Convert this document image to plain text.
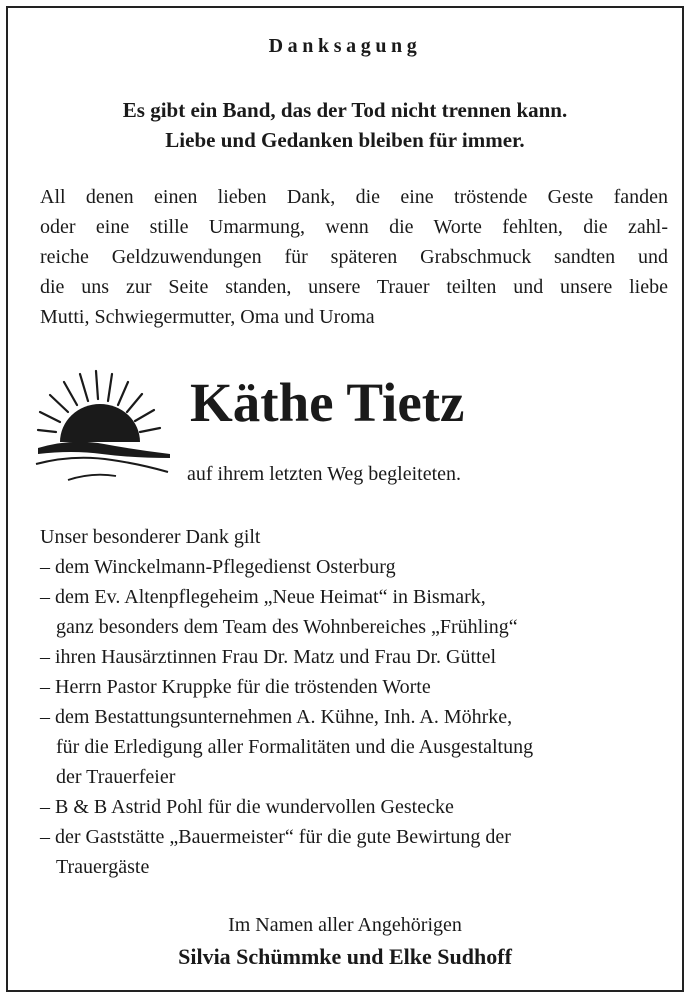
Danksagung
Es gibt ein Band, das der Tod nicht trennen kann.
Liebe und Gedanken bleiben für immer.
All denen einen lieben Dank, die eine tröstende Geste fanden
oder eine stille Umarmung, wenn die Worte fehlten, die zahl-
reiche Geldzuwendungen für späteren Grabschmuck sandten und
die uns zur Seite standen, unsere Trauer teilten und unsere liebe
Mutti, Schwiegermutter, Oma und Uroma
Käthe Tietz
auf ihrem letzten Weg begleiteten.
Unser besonderer Dank gilt
– dem Winckelmann-Pflegedienst Osterburg
– dem Ev. Altenpflegeheim „Neue Heimat“ in Bismark,
ganz besonders dem Team des Wohnbereiches „Frühling“
– ihren Hausärztinnen Frau Dr. Matz und Frau Dr. Güttel
– Herrn Pastor Kruppke für die tröstenden Worte
– dem Bestattungsunternehmen A. Kühne, Inh. A. Möhrke,
für die Erledigung aller Formalitäten und die Ausgestaltung
der Trauerfeier
– B & B Astrid Pohl für die wundervollen Gestecke
– der Gaststätte „Bauermeister“ für die gute Bewirtung der
Trauergäste
Im Namen aller Angehörigen
Silvia Schümmke und Elke Sudhoff
